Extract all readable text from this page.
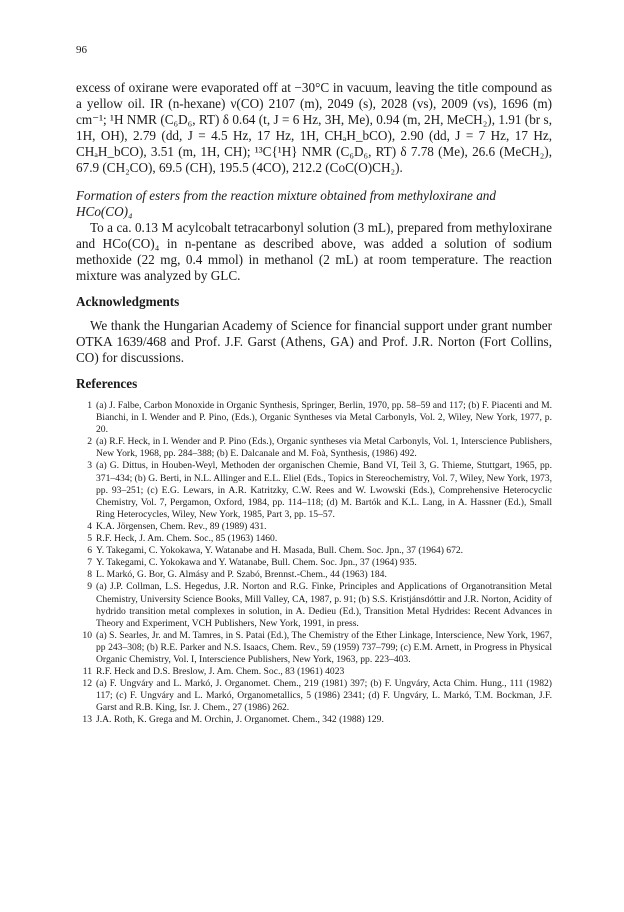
96

excess of oxirane were evaporated off at −30°C in vacuum, leaving the title compound as a yellow oil. IR (n-hexane) ν(CO) 2107 (m), 2049 (s), 2028 (vs), 2009 (vs), 1696 (m) cm⁻¹; ¹H NMR (C₆D₆, RT) δ 0.64 (t, J = 6 Hz, 3H, Me), 0.94 (m, 2H, MeCH₂), 1.91 (br s, 1H, OH), 2.79 (dd, J = 4.5 Hz, 17 Hz, 1H, CHₐH_bCO), 2.90 (dd, J = 7 Hz, 17 Hz, CHₐH_bCO), 3.51 (m, 1H, CH); ¹³C{¹H} NMR (C₆D₆, RT) δ 7.78 (Me), 26.6 (MeCH₂), 67.9 (CH₂CO), 69.5 (CH), 195.5 (4CO), 212.2 (CoC(O)CH₂).

Formation of esters from the reaction mixture obtained from methyloxirane and HCo(CO)₄

To a ca. 0.13 M acylcobalt tetracarbonyl solution (3 mL), prepared from methyloxirane and HCo(CO)₄ in n-pentane as described above, was added a solution of sodium methoxide (22 mg, 0.4 mmol) in methanol (2 mL) at room temperature. The reaction mixture was analyzed by GLC.

Acknowledgments

We thank the Hungarian Academy of Science for financial support under grant number OTKA 1639/468 and Prof. J.F. Garst (Athens, GA) and Prof. J.R. Norton (Fort Collins, CO) for discussions.

References
1 (a) J. Falbe, Carbon Monoxide in Organic Synthesis, Springer, Berlin, 1970, pp. 58–59 and 117; (b) F. Piacenti and M. Bianchi, in I. Wender and P. Pino, (Eds.), Organic Syntheses via Metal Carbonyls, Vol. 2, Wiley, New York, 1977, p. 20.
2 (a) R.F. Heck, in I. Wender and P. Pino (Eds.), Organic syntheses via Metal Carbonyls, Vol. 1, Interscience Publishers, New York, 1968, pp. 284–388; (b) E. Dalcanale and M. Foà, Synthesis, (1986) 492.
3 (a) G. Dittus, in Houben-Weyl, Methoden der organischen Chemie, Band VI, Teil 3, G. Thieme, Stuttgart, 1965, pp. 371–434; (b) G. Berti, in N.L. Allinger and E.L. Eliel (Eds., Topics in Stereochemistry, Vol. 7, Wiley, New York, 1973, pp. 93–251; (c) E.G. Lewars, in A.R. Katritzky, C.W. Rees and W. Lwowski (Eds.), Comprehensive Heterocyclic Chemistry, Vol. 7, Pergamon, Oxford, 1984, pp. 114–118; (d) M. Bartók and K.L. Lang, in A. Hassner (Ed.), Small Ring Heterocycles, Wiley, New York, 1985, Part 3, pp. 15–57.
4 K.A. Jörgensen, Chem. Rev., 89 (1989) 431.
5 R.F. Heck, J. Am. Chem. Soc., 85 (1963) 1460.
6 Y. Takegami, C. Yokokawa, Y. Watanabe and H. Masada, Bull. Chem. Soc. Jpn., 37 (1964) 672.
7 Y. Takegami, C. Yokokawa and Y. Watanabe, Bull. Chem. Soc. Jpn., 37 (1964) 935.
8 L. Markó, G. Bor, G. Almásy and P. Szabó, Brennst.-Chem., 44 (1963) 184.
9 (a) J.P. Collman, L.S. Hegedus, J.R. Norton and R.G. Finke, Principles and Applications of Organotransition Metal Chemistry, University Science Books, Mill Valley, CA, 1987, p. 91; (b) S.S. Kristjánsdóttir and J.R. Norton, Acidity of hydrido transition metal complexes in solution, in A. Dedieu (Ed.), Transition Metal Hydrides: Recent Advances in Theory and Experiment, VCH Publishers, New York, 1991, in press.
10 (a) S. Searles, Jr. and M. Tamres, in S. Patai (Ed.), The Chemistry of the Ether Linkage, Interscience, New York, 1967, pp 243–308; (b) R.E. Parker and N.S. Isaacs, Chem. Rev., 59 (1959) 737–799; (c) E.M. Arnett, in Progress in Physical Organic Chemistry, Vol. I, Interscience Publishers, New York, 1963, pp. 223–403.
11 R.F. Heck and D.S. Breslow, J. Am. Chem. Soc., 83 (1961) 4023
12 (a) F. Ungváry and L. Markó, J. Organomet. Chem., 219 (1981) 397; (b) F. Ungváry, Acta Chim. Hung., 111 (1982) 117; (c) F. Ungváry and L. Markó, Organometallics, 5 (1986) 2341; (d) F. Ungváry, L. Markó, T.M. Bockman, J.F. Garst and R.B. King, Isr. J. Chem., 27 (1986) 262.
13 J.A. Roth, K. Grega and M. Orchin, J. Organomet. Chem., 342 (1988) 129.
